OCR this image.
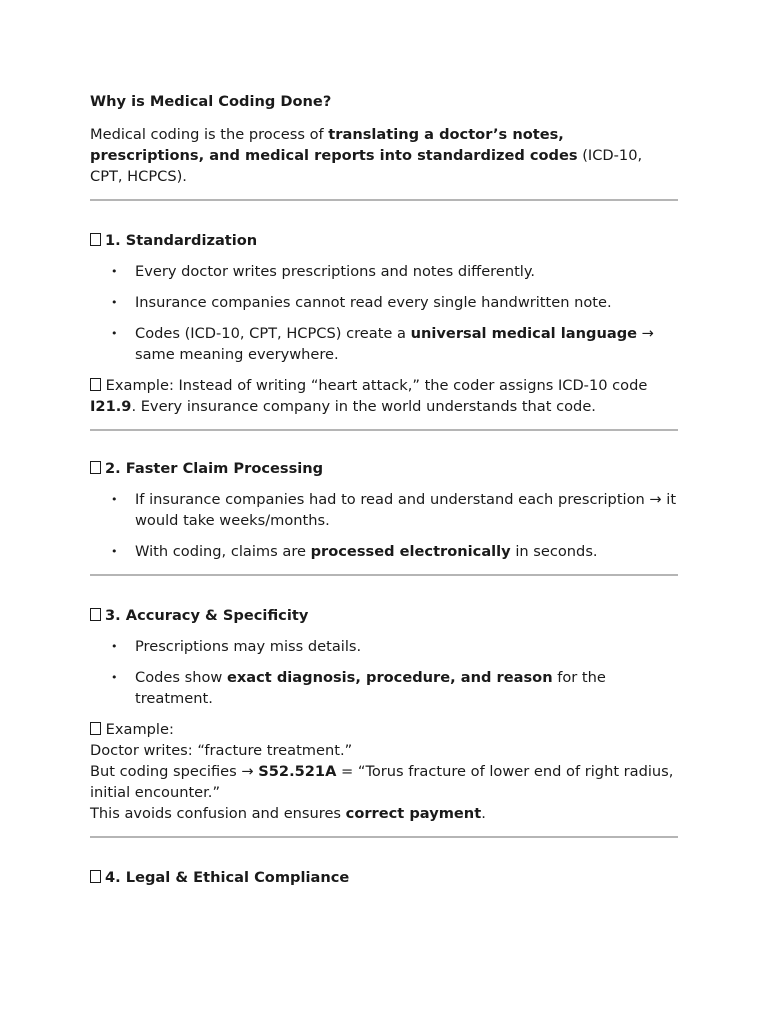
Why is Medical Coding Done?

Medical coding is the process of translating a doctor’s notes, prescriptions, and medical reports into standardized codes (ICD-10, CPT, HCPCS).

1. Standardization

• Every doctor writes prescriptions and notes differently.
• Insurance companies cannot read every single handwritten note.
• Codes (ICD-10, CPT, HCPCS) create a universal medical language → same meaning everywhere.

Example: Instead of writing “heart attack,” the coder assigns ICD-10 code I21.9. Every insurance company in the world understands that code.

2. Faster Claim Processing

• If insurance companies had to read and understand each prescription → it would take weeks/months.
• With coding, claims are processed electronically in seconds.

3. Accuracy & Specificity

• Prescriptions may miss details.
• Codes show exact diagnosis, procedure, and reason for the treatment.

Example:

Doctor writes: “fracture treatment.”

But coding specifies → S52.521A = “Torus fracture of lower end of right radius, initial encounter.”

This avoids confusion and ensures correct payment.

4. Legal & Ethical Compliance
